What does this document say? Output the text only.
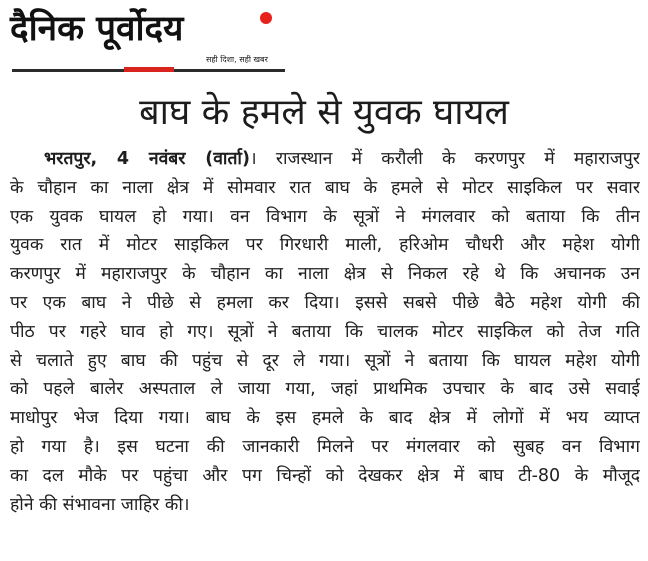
दैनिक पूर्वोदय
सही दिशा, सही खबर
बाघ के हमले से युवक घायल
भरतपुर, 4 नवंबर (वार्ता)। राजस्थान में करौली के करणपुर में महाराजपुर
के चौहान का नाला क्षेत्र में सोमवार रात बाघ के हमले से मोटर साइकिल पर सवार
एक युवक घायल हो गया। वन विभाग के सूत्रों ने मंगलवार को बताया कि तीन
युवक रात में मोटर साइकिल पर गिरधारी माली, हरिओम चौधरी और महेश योगी
करणपुर में महाराजपुर के चौहान का नाला क्षेत्र से निकल रहे थे कि अचानक उन
पर एक बाघ ने पीछे से हमला कर दिया। इससे सबसे पीछे बैठे महेश योगी की
पीठ पर गहरे घाव हो गए। सूत्रों ने बताया कि चालक मोटर साइकिल को तेज गति
से चलाते हुए बाघ की पहुंच से दूर ले गया। सूत्रों ने बताया कि घायल महेश योगी
को पहले बालेर अस्पताल ले जाया गया, जहां प्राथमिक उपचार के बाद उसे सवाई
माधोपुर भेज दिया गया। बाघ के इस हमले के बाद क्षेत्र में लोगों में भय व्याप्त
हो गया है। इस घटना की जानकारी मिलने पर मंगलवार को सुबह वन विभाग
का दल मौके पर पहुंचा और पग चिन्हों को देखकर क्षेत्र में बाघ टी-80 के मौजूद
होने की संभावना जाहिर की।
